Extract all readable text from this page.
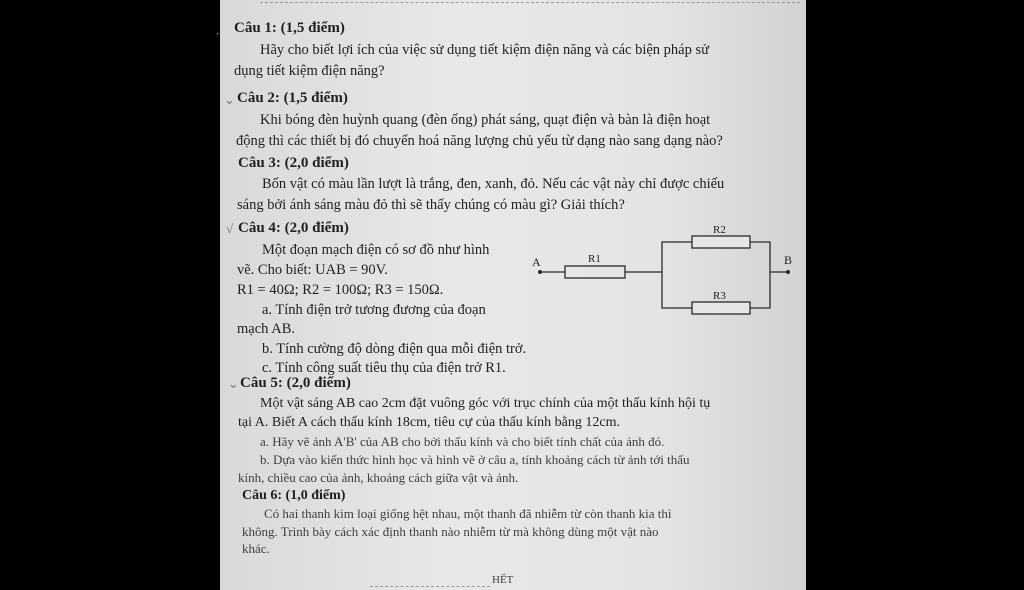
, Câu 1: (1,5 điểm)
Hãy cho biết lợi ích của việc sử dụng tiết kiệm điện năng và các biện pháp sử
dụng tiết kiệm điện năng?
⌄ Câu 2: (1,5 điểm)
Khi bóng đèn huỳnh quang (đèn ống) phát sáng, quạt điện và bàn là điện hoạt
động thì các thiết bị đó chuyển hoá năng lượng chủ yếu từ dạng nào sang dạng nào?
Câu 3: (2,0 điểm)
Bốn vật có màu lần lượt là trắng, đen, xanh, đỏ. Nếu các vật này chỉ được chiếu
sáng bởi ánh sáng màu đỏ thì sẽ thấy chúng có màu gì? Giải thích?
√ Câu 4: (2,0 điểm)
Một đoạn mạch điện có sơ đồ như hình
vẽ. Cho biết: UAB = 90V.
R1 = 40Ω; R2 = 100Ω; R3 = 150Ω.
a. Tính điện trở tương đương của đoạn
mạch AB.
b. Tính cường độ dòng điện qua mỗi điện trở.
c. Tính công suất tiêu thụ của điện trở R1.
A	B
R1
R2
R3
⌄ Câu 5: (2,0 điểm)
Một vật sáng AB cao 2cm đặt vuông góc với trục chính của một thấu kính hội tụ
tại A. Biết A cách thấu kính 18cm, tiêu cự của thấu kính bằng 12cm.
a. Hãy vẽ ảnh A'B' của AB cho bởi thấu kính và cho biết tính chất của ảnh đó.
b. Dựa vào kiến thức hình học và hình vẽ ở câu a, tính khoảng cách từ ảnh tới thấu
kính, chiều cao của ảnh, khoảng cách giữa vật và ảnh.
Câu 6: (1,0 điểm)
Có hai thanh kim loại giống hệt nhau, một thanh đã nhiễm từ còn thanh kia thì
không. Trình bày cách xác định thanh nào nhiễm từ mà không dùng một vật nào
khác.
HẾT
